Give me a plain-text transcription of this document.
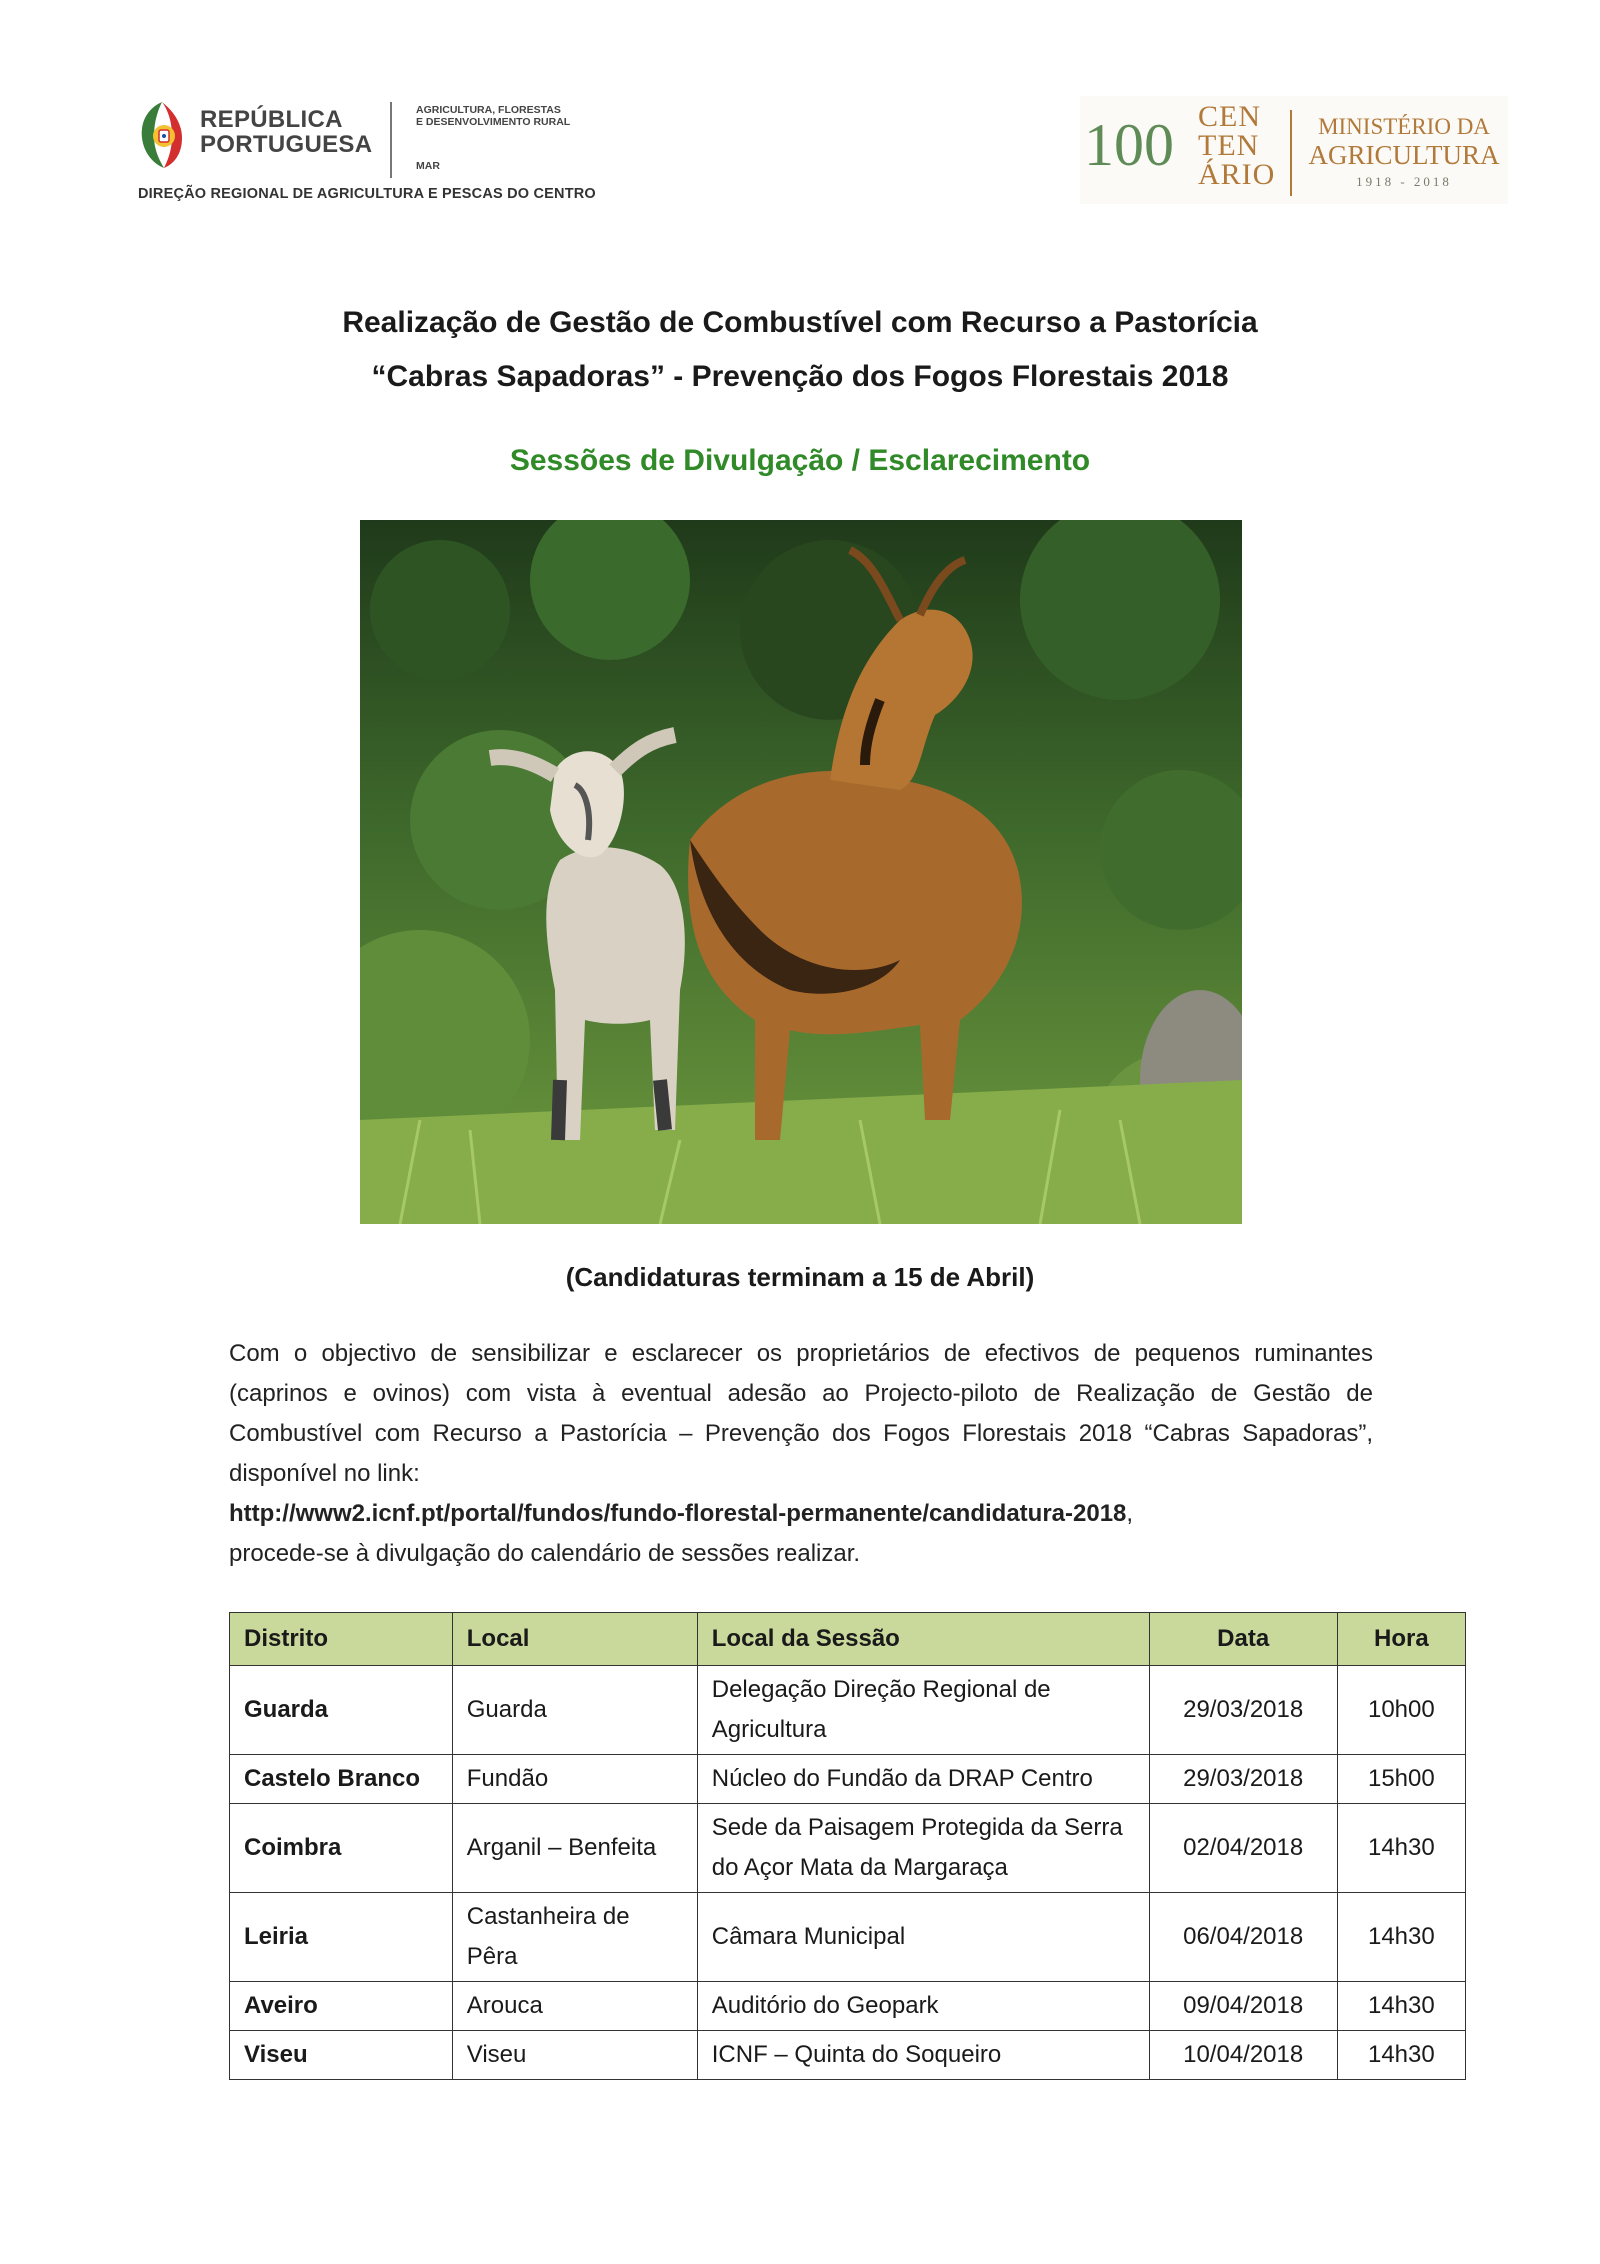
REPÚBLICA
PORTUGUESA
AGRICULTURA, FLORESTAS
E DESENVOLVIMENTO RURAL
MAR
DIREÇÃO REGIONAL DE AGRICULTURA E PESCAS DO CENTRO
100 CEN
TEN
ÁRIO
MINISTÉRIO DA
AGRICULTURA
1918 - 2018
Realização de Gestão de Combustível com Recurso a Pastorícia
“Cabras Sapadoras” - Prevenção dos Fogos Florestais 2018
Sessões de Divulgação / Esclarecimento
(Candidaturas terminam a 15 de Abril)

Com o objectivo de sensibilizar e esclarecer os proprietários de efectivos de pequenos ruminantes (caprinos e ovinos) com vista à eventual adesão ao Projecto-piloto de Realização de Gestão de Combustível com Recurso a Pastorícia – Prevenção dos Fogos Florestais 2018 “Cabras Sapadoras”, disponível no link:

http://www2.icnf.pt/portal/fundos/fundo-florestal-permanente/candidatura-2018,

procede-se à divulgação do calendário de sessões realizar.

Distrito	Local	Local da Sessão	Data	Hora
Guarda	Guarda	Delegação Direção Regional de Agricultura	29/03/2018	10h00
Castelo Branco	Fundão	Núcleo do Fundão da DRAP Centro	29/03/2018	15h00
Coimbra	Arganil – Benfeita	Sede da Paisagem Protegida da Serra do Açor Mata da Margaraça	02/04/2018	14h30
Leiria	Castanheira de Pêra	Câmara Municipal	06/04/2018	14h30
Aveiro	Arouca	Auditório do Geopark	09/04/2018	14h30
Viseu	Viseu	ICNF – Quinta do Soqueiro	10/04/2018	14h30
